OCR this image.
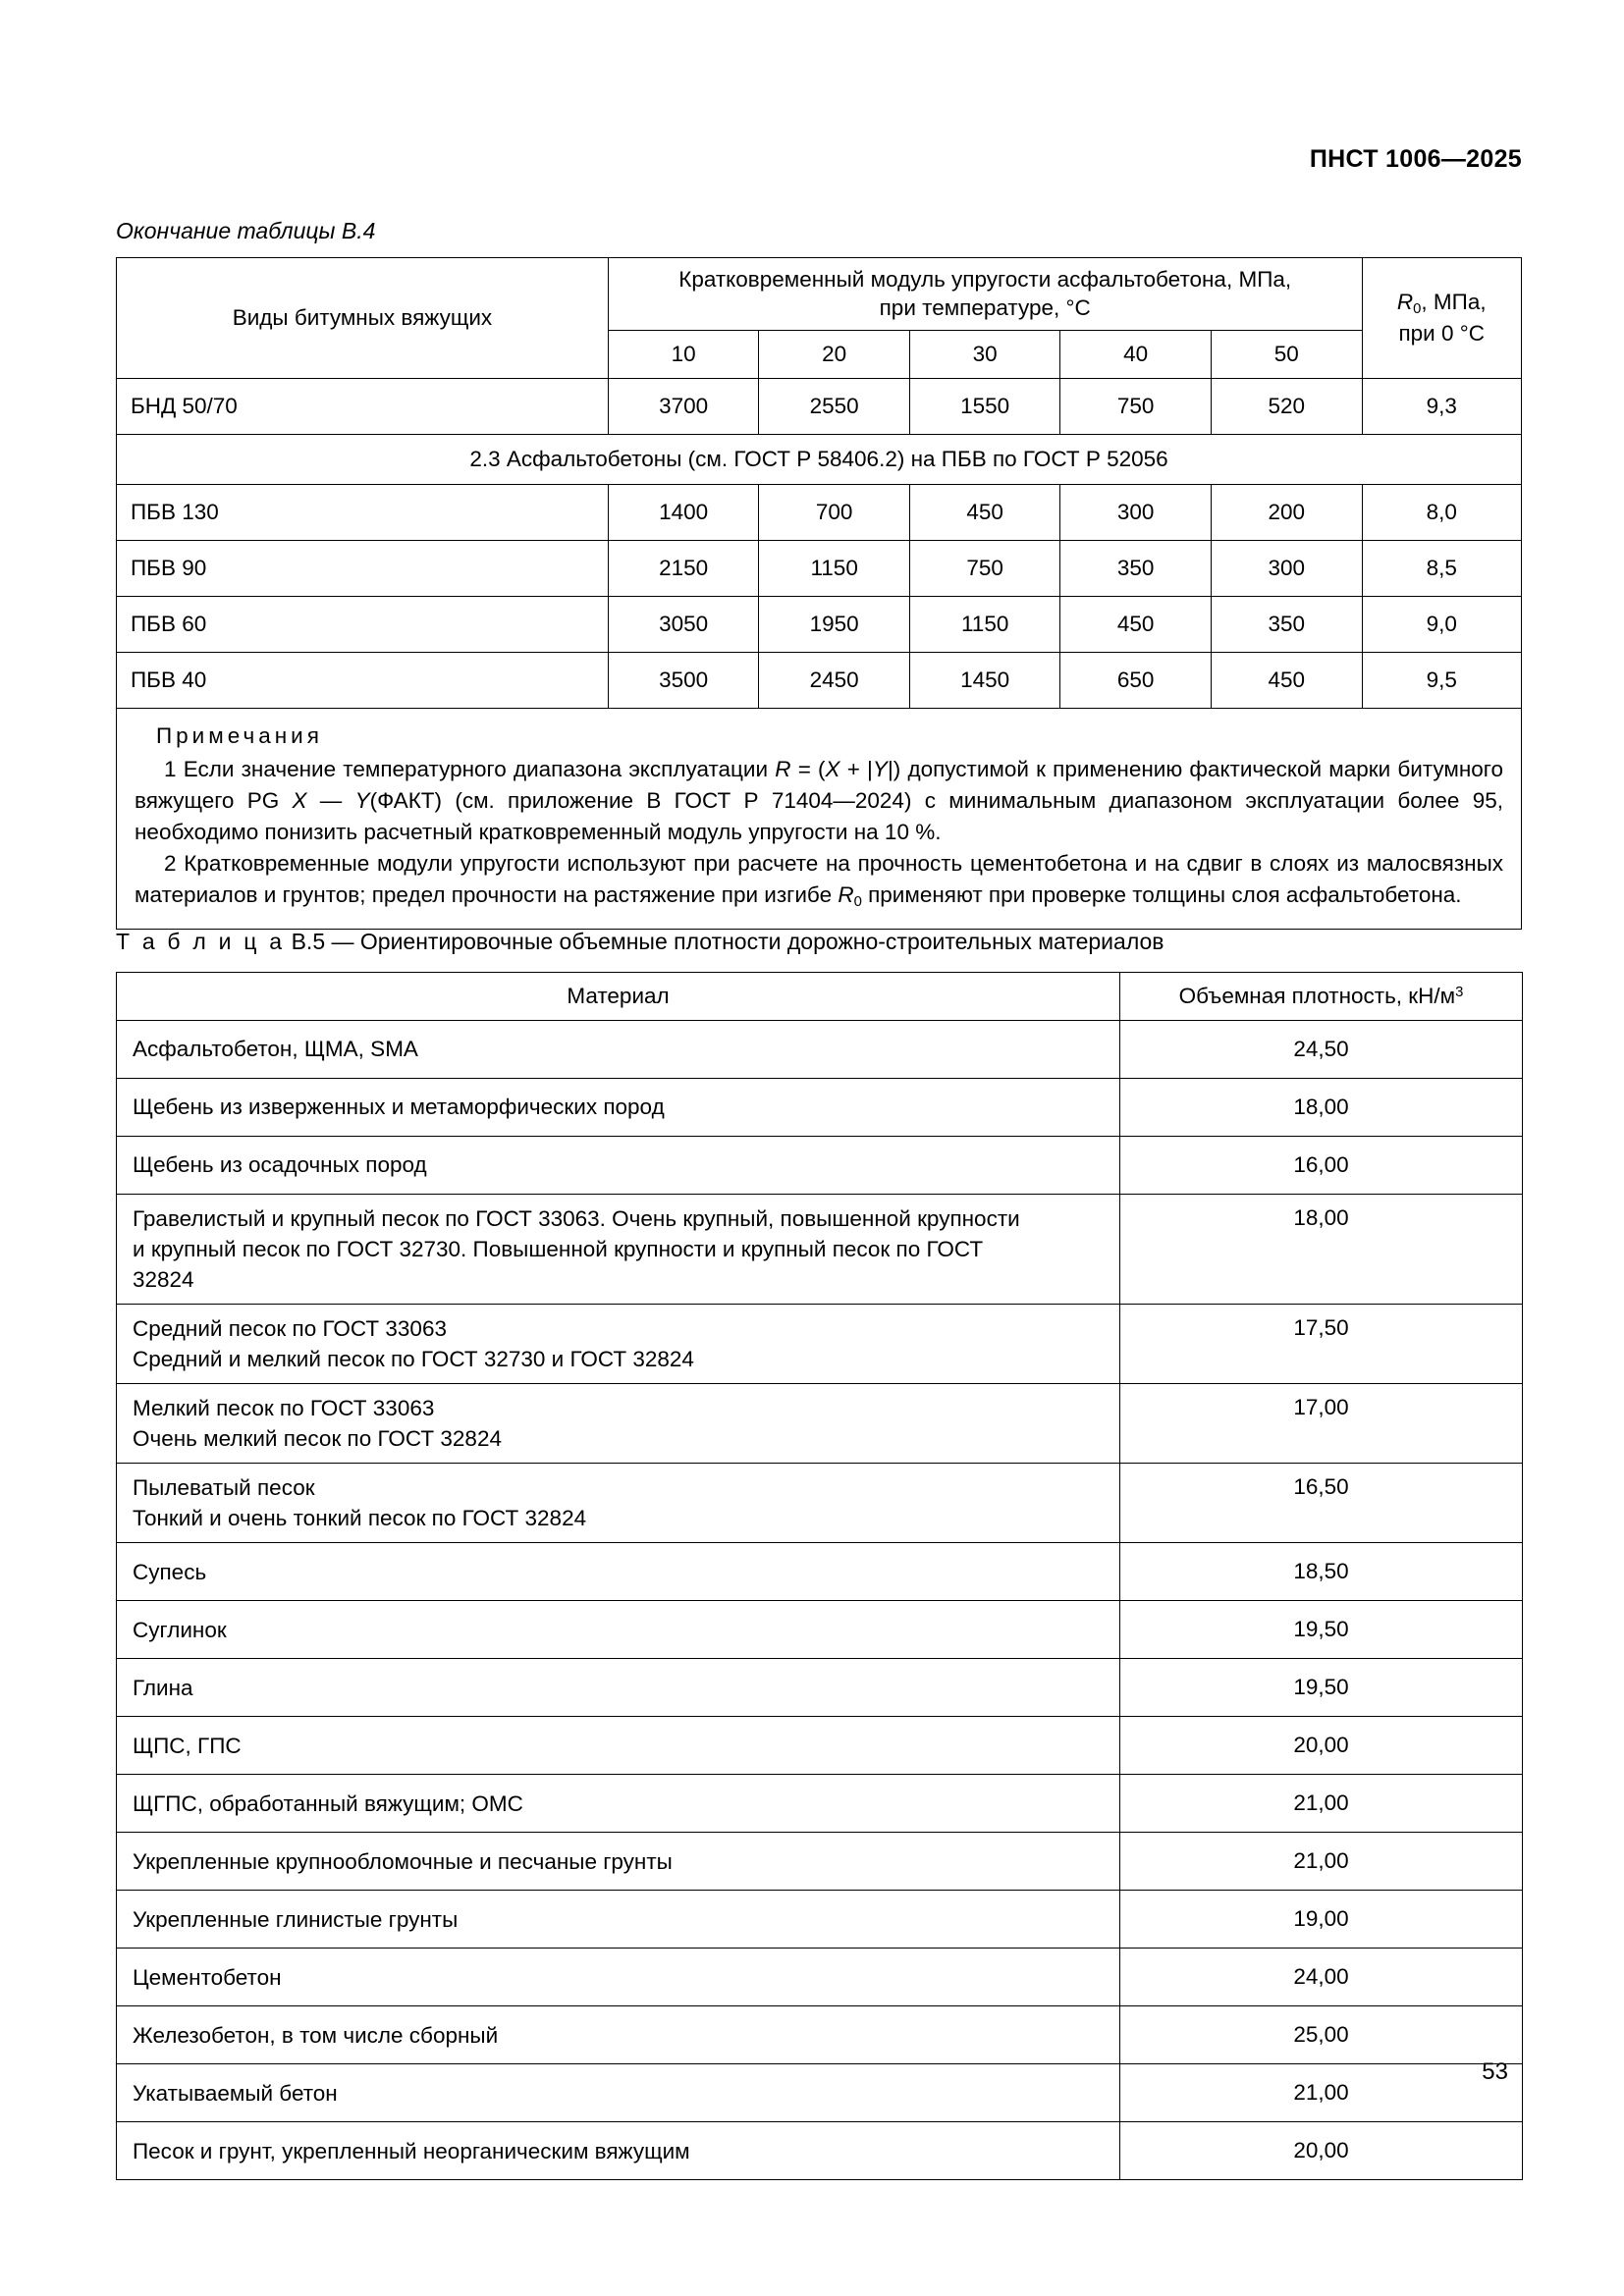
ПНСТ 1006—2025
Окончание таблицы В.4
Виды битумных вяжущих	Кратковременный модуль упругости асфальтобетона, МПа,
при температуре, °С					$R_0$, МПа,
при 0 °С
	10	20	30	40	50	
БНД 50/70	3700	2550	1550	750	520	9,3
2.3 Асфальтобетоны (см. ГОСТ Р 58406.2) на ПБВ по ГОСТ Р 52056						
ПБВ 130	1400	700	450	300	200	8,0
ПБВ 90	2150	1150	750	350	300	8,5
ПБВ 60	3050	1950	1150	450	350	9,0
ПБВ 40	3500	2450	1450	650	450	9,5

Примечания
1 Если значение температурного диапазона эксплуатации R = (X + |Y|) допустимой к применению фактической марки битумного вяжущего PG X — Y(ФАКТ) (см. приложение В ГОСТ Р 71404—2024) с минимальным диапазоном эксплуатации более 95, необходимо понизить расчетный кратковременный модуль упругости на 10 %.
2 Кратковременные модули упругости используют при расчете на прочность цементобетона и на сдвиг в слоях из малосвязных материалов и грунтов; предел прочности на растяжение при изгибе $R_0$ применяют при проверке толщины слоя асфальтобетона.						
Т а б л и ц а В.5 — Ориентировочные объемные плотности дорожно-строительных материалов
Материал	Объемная плотность, $кН/м^3$
Асфальтобетон, ЩМА, SMA	24,50
Щебень из изверженных и метаморфических пород	18,00
Щебень из осадочных пород	16,00
Гравелистый и крупный песок по ГОСТ 33063. Очень крупный, повышенной крупности
и крупный песок по ГОСТ 32730. Повышенной крупности и крупный песок по ГОСТ
32824	18,00
Средний песок по ГОСТ 33063
Средний и мелкий песок по ГОСТ 32730 и ГОСТ 32824	17,50
Мелкий песок по ГОСТ 33063
Очень мелкий песок по ГОСТ 32824	17,00
Пылеватый песок
Тонкий и очень тонкий песок по ГОСТ 32824	16,50
Супесь	18,50
Суглинок	19,50
Глина	19,50
ЩПС, ГПС	20,00
ЩГПС, обработанный вяжущим; ОМС	21,00
Укрепленные крупнообломочные и песчаные грунты	21,00
Укрепленные глинистые грунты	19,00
Цементобетон	24,00
Железобетон, в том числе сборный	25,00
Укатываемый бетон	21,00
Песок и грунт, укрепленный неорганическим вяжущим	20,00
53
